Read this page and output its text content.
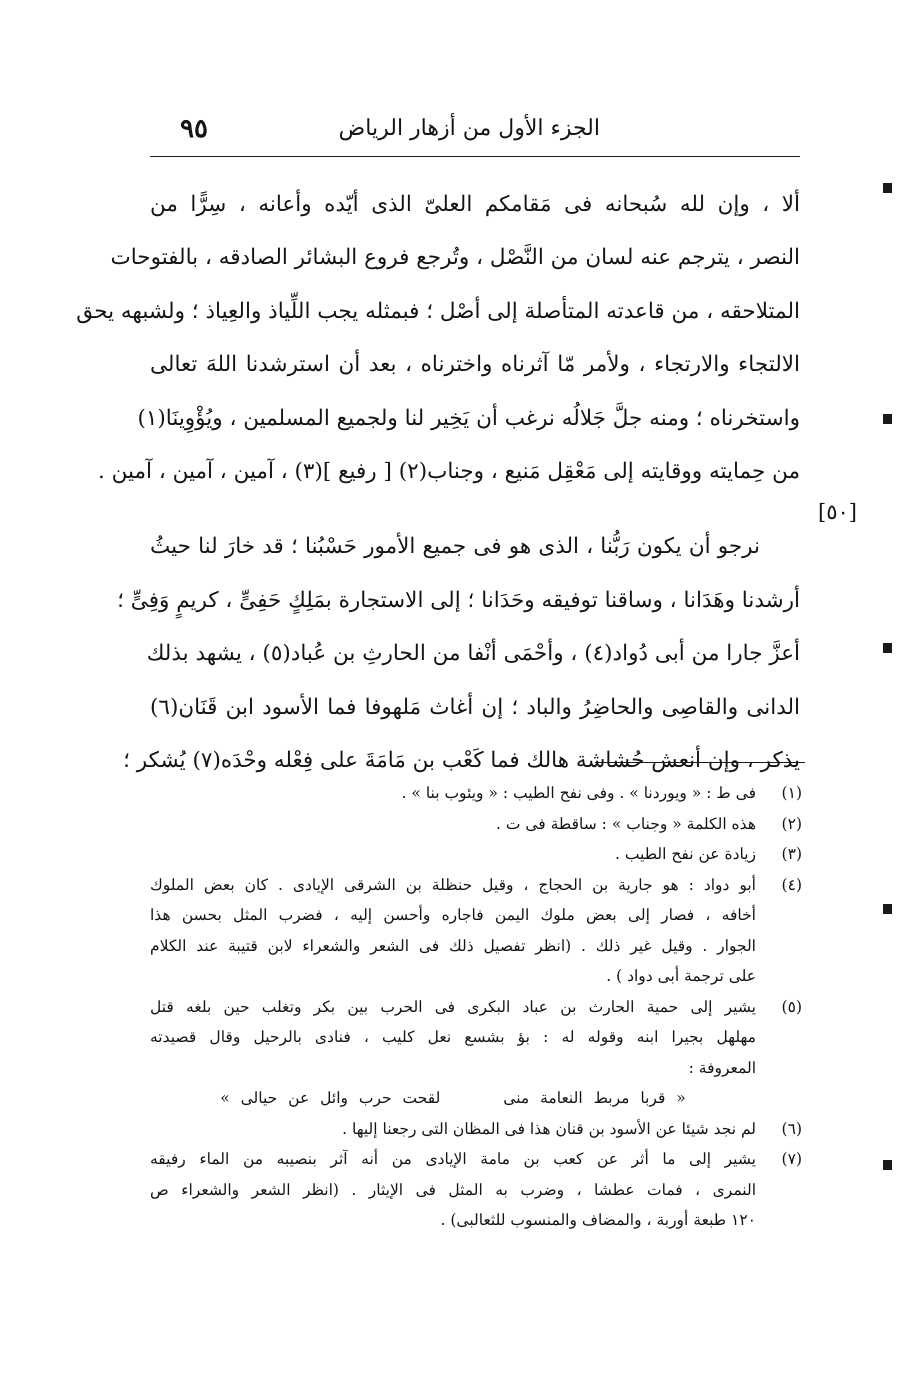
٩٥	الجزء الأول من أزهار الرياض
[٥٠]
ألا ، وإن لله سُبحانه فى مَقامكم العلىّ الذى أيّده وأعانه ، سِرًّا من
النصر ، يترجم عنه لسان من النَّصْل ، وتُرجع فروع البشائر الصادقه ، بالفتوحات
المتلاحقه ، من قاعدته المتأصلة إلى أصْل ؛ فبمثله يجب اللِّياذ والعِياذ ؛ ولشبهه يحق
الالتجاء والارتجاء ، ولأمر مّا آثرناه واخترناه ، بعد أن استرشدنا اللهَ تعالى
واستخرناه ؛ ومنه جلَّ جَلالُه نرغب أن يَخِير لنا ولجميع المسلمين ، ويُؤْوِينَا(١)
من حِمايته ووقايته إلى مَعْقِل مَنيع ، وجناب(٢) [ رفيع ](٣) ، آمين ، آمين ، آمين .
نرجو أن يكون رَبُّنا ، الذى هو فى جميع الأمور حَسْبُنا ؛ قد خارَ لنا حيثُ
أرشدنا وهَدَانا ، وساقنا توفيقه وحَدَانا ؛ إلى الاستجارة بمَلِكٍ حَفِىٍّ ، كريمٍ وَفِىٍّ ؛
أعزَّ جارا من أبى دُواد(٤) ، وأحْمَى أنْفا من الحارثِ بن عُباد(٥) ، يشهد بذلك
الدانى والقاصِى والحاضِرُ والباد ؛ إن أغاث مَلهوفا فما الأسود ابن قَنَان(٦)
يذكر ، وإن أنعش حُشاشة هالك فما كَعْب بن مَامَةَ على فِعْله وحْدَه(٧) يُشكر ؛
(١)
فى ط : « ويوردنا » . وفى نفح الطيب : « ويئوب بنا » .
(٢)
هذه الكلمة « وجناب » : ساقطة فى ت .
(٣)
زيادة عن نفح الطيب .
(٤)
أبو دواد : هو جارية بن الحجاج ، وقيل حنظلة بن الشرقى الإيادى . كان بعض الملوك
أخافه ، فصار إلى بعض ملوك اليمن فاجاره وأحسن إليه ، فضرب المثل بحسن هذا
الجوار . وقيل غير ذلك . (انظر تفصيل ذلك فى الشعر والشعراء لابن قتيبة عند الكلام
على ترجمة أبى دواد ) .
(٥)
يشير إلى حمية الحارث بن عباد البكرى فى الحرب بين بكر وتغلب حين بلغه قتل
مهلهل بجيرا ابنه وقوله له : بؤ بشسع نعل كليب ، فنادى بالرحيل وقال قصيدته
المعروفة :
« قربا مربط النعامة منى لقحت حرب وائل عن حيالى »
(٦)
لم نجد شيئا عن الأسود بن قنان هذا فى المظان التى رجعنا إليها .
(٧)
يشير إلى ما أثر عن كعب بن مامة الإيادى من أنه آثر بنصيبه من الماء رفيقه
النمرى ، فمات عطشا ، وضرب به المثل فى الإيثار . (انظر الشعر والشعراء ص
١٢٠ طبعة أوربة ، والمضاف والمنسوب للثعالبى) .
